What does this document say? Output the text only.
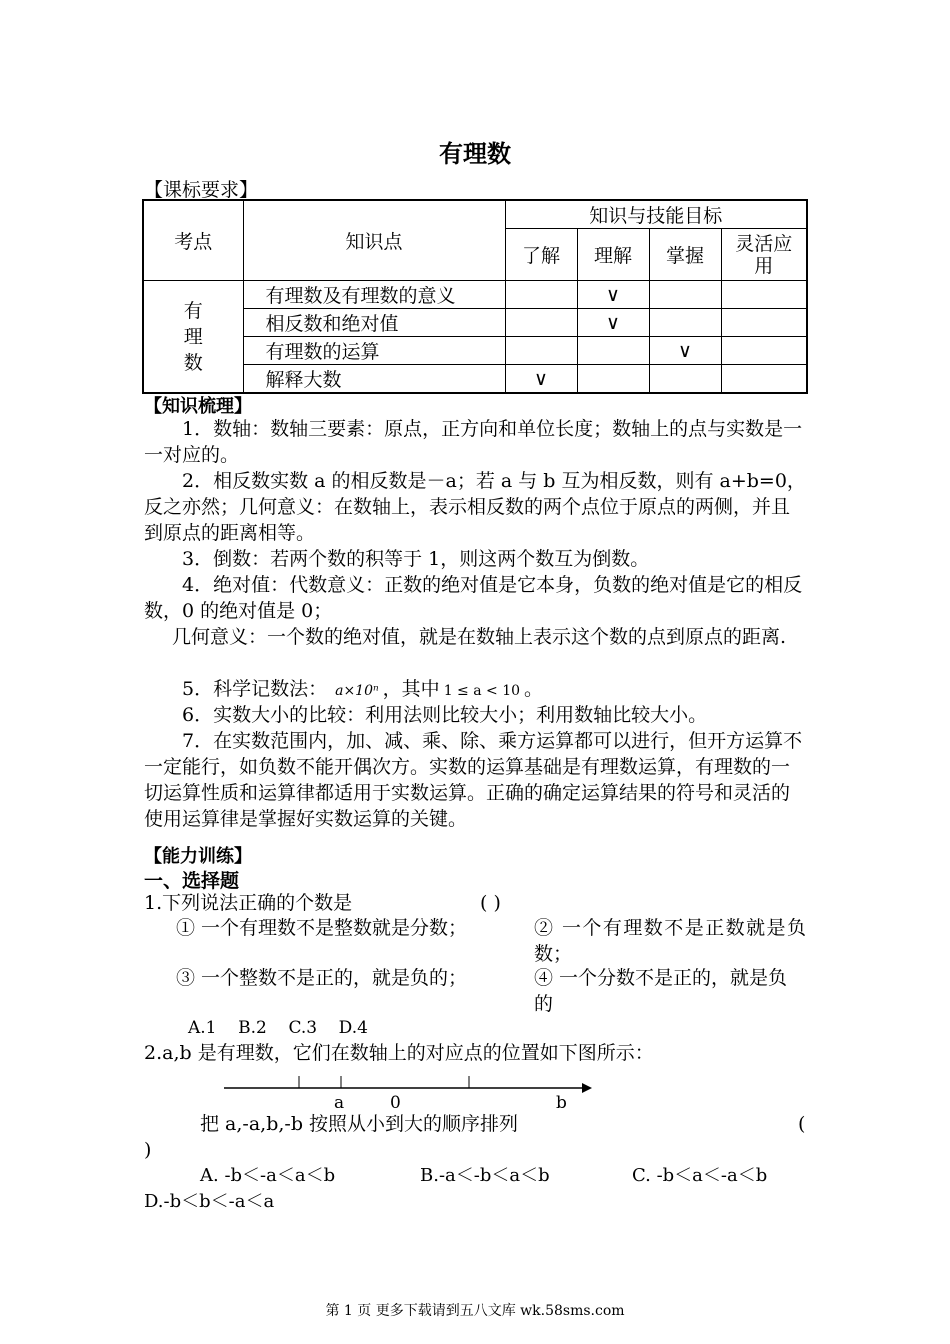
有理数
【课标要求】
考点	知识点	知识与技能目标			
		了解	理解	掌握	灵活应用
有理数	有理数及有理数的意义		∨		
	相反数和绝对值		∨		
	有理数的运算			∨	
	解释大数	∨			
【知识梳理】
1．数轴：数轴三要素：原点，正方向和单位长度；数轴上的点与实数是一一对应的。
2．相反数实数 a 的相反数是－a；若 a 与 b 互为相反数，则有 a+b=0，反之亦然；几何意义：在数轴上，表示相反数的两个点位于原点的两侧，并且到原点的距离相等。
3．倒数：若两个数的积等于 1，则这两个数互为倒数。
4．绝对值：代数意义：正数的绝对值是它本身，负数的绝对值是它的相反数，0 的绝对值是 0；
几何意义：一个数的绝对值，就是在数轴上表示这个数的点到原点的距离.
5．科学记数法： a×10ⁿ ，其中 1 ≤ a < 10 。
6．实数大小的比较：利用法则比较大小；利用数轴比较大小。
7．在实数范围内，加、减、乘、除、乘方运算都可以进行，但开方运算不一定能行，如负数不能开偶次方。实数的运算基础是有理数运算，有理数的一切运算性质和运算律都适用于实数运算。正确的确定运算结果的符号和灵活的使用运算律是掌握好实数运算的关键。
【能力训练】
一、选择题
1.下列说法正确的个数是	( )
① 一个有理数不是整数就是分数；	② 一个有理数不是正数就是负数；
③ 一个整数不是正的，就是负的；	④ 一个分数不是正的，就是负的
A.1    B.2    C.3    D.4
2.a,b 是有理数，它们在数轴上的对应点的位置如下图所示：
a	0	b
把 a,-a,b,-b 按照从小到大的顺序排列	(
)
A. -b＜-a＜a＜b	B.-a＜-b＜a＜b	C. -b＜a＜-a＜b
D.-b＜b＜-a＜a
第 1 页 更多下载请到五八文库 wk.58sms.com
